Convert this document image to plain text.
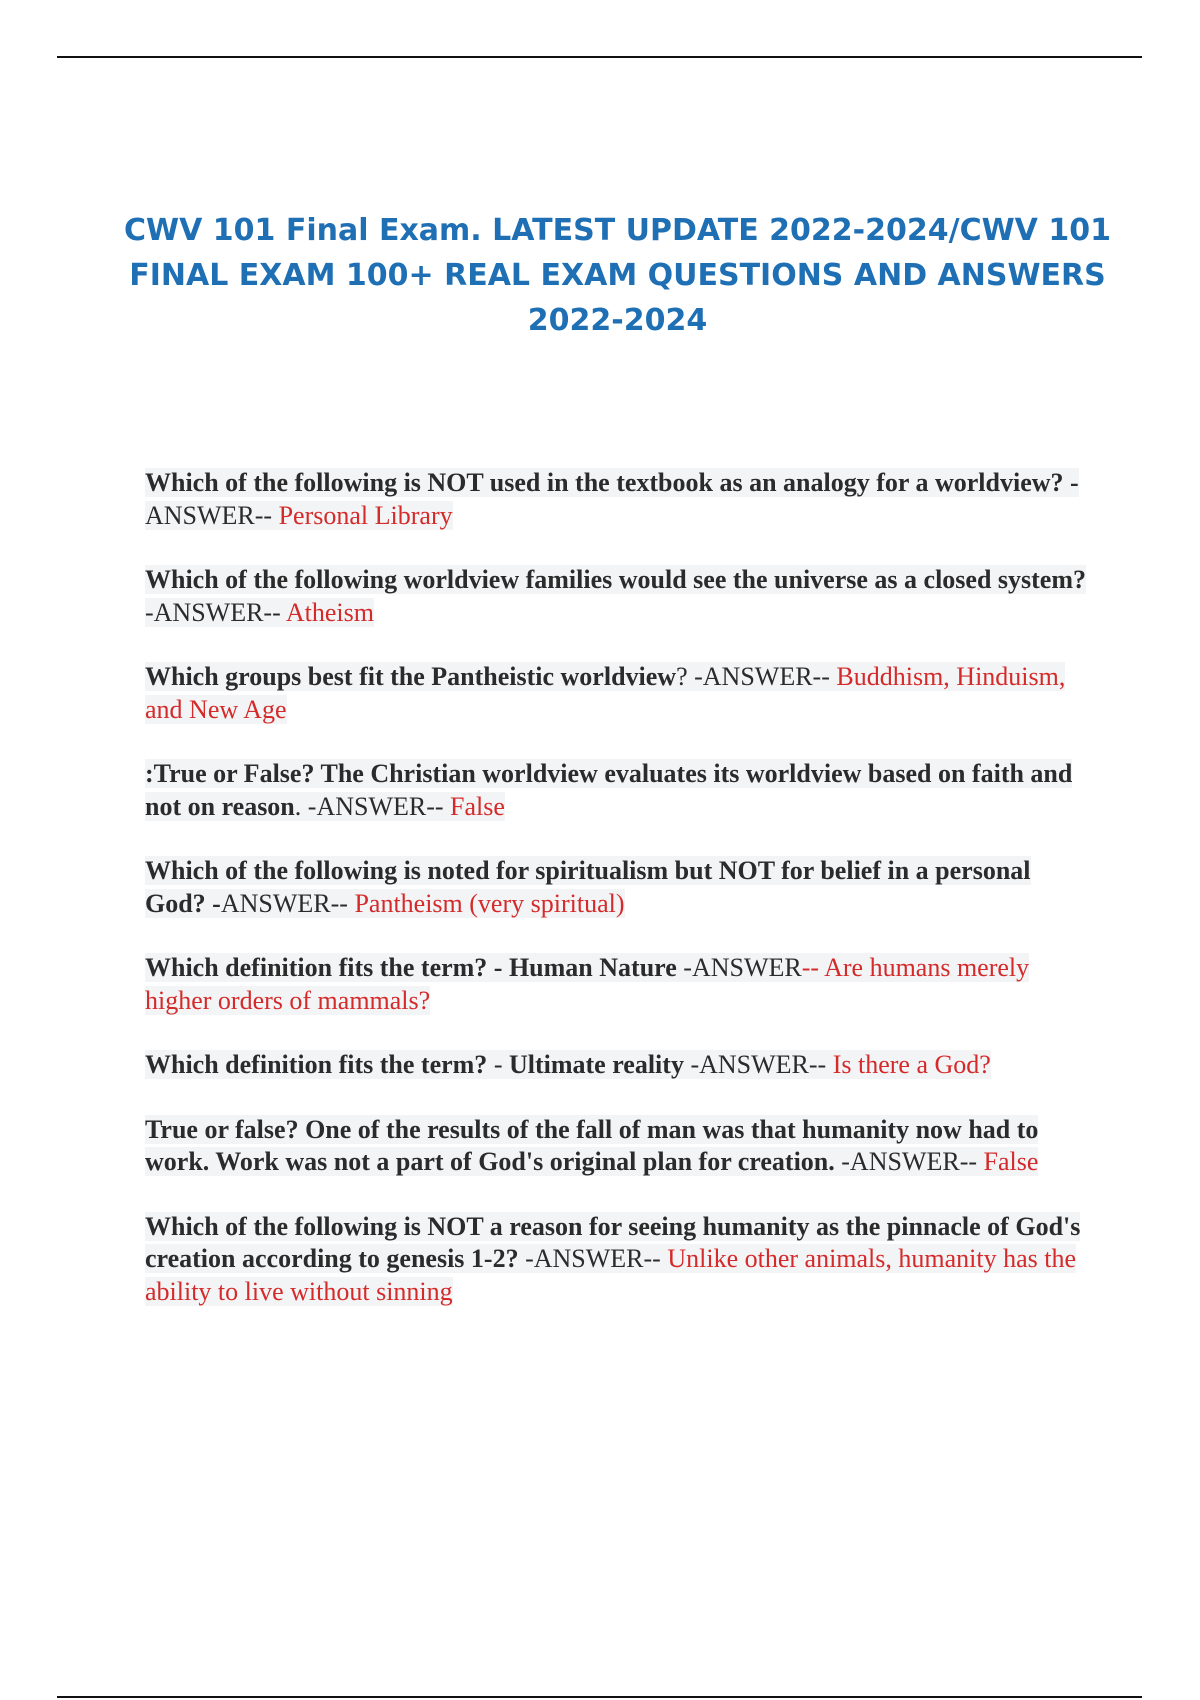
CWV 101 Final Exam. LATEST UPDATE 2022-2024/CWV 101 FINAL EXAM 100+ REAL EXAM QUESTIONS AND ANSWERS 2022-2024

Which of the following is NOT used in the textbook as an analogy for a worldview? -ANSWER-- Personal Library

Which of the following worldview families would see the universe as a closed system? -ANSWER-- Atheism

Which groups best fit the Pantheistic worldview? -ANSWER-- Buddhism, Hinduism, and New Age

:True or False? The Christian worldview evaluates its worldview based on faith and not on reason. -ANSWER-- False

Which of the following is noted for spiritualism but NOT for belief in a personal God? -ANSWER-- Pantheism (very spiritual)

Which definition fits the term? - Human Nature -ANSWER-- Are humans merely higher orders of mammals?

Which definition fits the term? - Ultimate reality -ANSWER-- Is there a God?

True or false? One of the results of the fall of man was that humanity now had to work. Work was not a part of God's original plan for creation. -ANSWER-- False

Which of the following is NOT a reason for seeing humanity as the pinnacle of God's creation according to genesis 1-2? -ANSWER-- Unlike other animals, humanity has the ability to live without sinning
